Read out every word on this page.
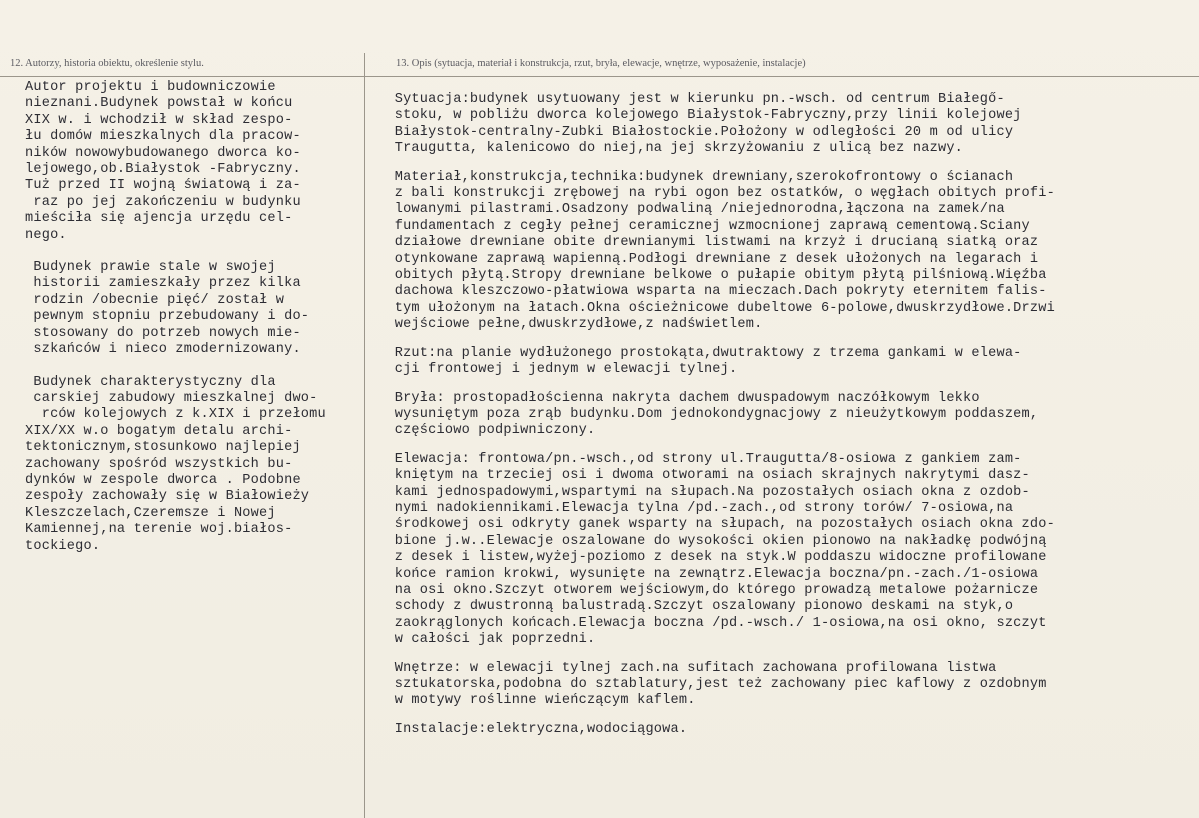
12. Autorzy, historia obiektu, określenie stylu.	13. Opis (sytuacja, materiał i konstrukcja, rzut, bryła, elewacje, wnętrze, wyposażenie, instalacje)
Autor projektu i budowniczowie
nieznani.Budynek powstał w końcu
XIX w. i wchodził w skład zespo-
łu domów mieszkalnych dla pracow-
ników nowowybudowanego dworca ko-
lejowego,ob.Białystok -Fabryczny.
Tuż przed II wojną światową i za-
raz po jej zakończeniu w budynku
mieściła się ajencja urzędu cel-
nego.
Budynek prawie stale w swojej
historii zamieszkały przez kilka
rodzin /obecnie pięć/ został w
pewnym stopniu przebudowany i do-
stosowany do potrzeb nowych mie-
szkańców i nieco zmodernizowany.
Budynek charakterystyczny dla
carskiej zabudowy mieszkalnej dwo-
rców kolejowych z k.XIX i przełomu
XIX/XX w.o bogatym detalu archi-
tektonicznym,stosunkowo najlepiej
zachowany spośród wszystkich bu-
dynków w zespole dworca . Podobne
zespoły zachowały się w Białowieży
Kleszczelach,Czeremsze i Nowej
Kamiennej,na terenie woj.białos-
tockiego.
Sytuacja:budynek usytuowany jest w kierunku pn.-wsch. od centrum Białegő-
stoku, w pobliżu dworca kolejowego Białystok-Fabryczny,przy linii kolejowej
Białystok-centralny-Zubki Białostockie.Położony w odległości 20 m od ulicy
Traugutta, kalenicowo do niej,na jej skrzyżowaniu z ulicą bez nazwy.
Materiał,konstrukcja,technika:budynek drewniany,szerokofrontowy o ścianach
z bali konstrukcji zrębowej na rybi ogon bez ostatków, o węgłach obitych profi-
lowanymi pilastrami.Osadzony podwaliną /niejednorodna,łączona na zamek/na
fundamentach z cegły pełnej ceramicznej wzmocnionej zaprawą cementową.Sciany
działowe drewniane obite drewnianymi listwami na krzyż i drucianą siatką oraz
otynkowane zaprawą wapienną.Podłogi drewniane z desek ułożonych na legarach i
obitych płytą.Stropy drewniane belkowe o pułapie obitym płytą pilśniową.Więźba
dachowa kleszczowo-płatwiowa wsparta na mieczach.Dach pokryty eternitem falis-
tym ułożonym na łatach.Okna ościeżnicowe dubeltowe 6-polowe,dwuskrzydłowe.Drzwi
wejściowe pełne,dwuskrzydłowe,z nadświetlem.
Rzut:na planie wydłużonego prostokąta,dwutraktowy z trzema gankami w elewa-
cji frontowej i jednym w elewacji tylnej.
Bryła: prostopadłościenna nakryta dachem dwuspadowym naczółkowym lekko
wysuniętym poza zrąb budynku.Dom jednokondygnacjowy z nieużytkowym poddaszem,
częściowo podpiwniczony.
Elewacja: frontowa/pn.-wsch.,od strony ul.Traugutta/8-osiowa z gankiem zam-
kniętym na trzeciej osi i dwoma otworami na osiach skrajnych nakrytymi dasz-
kami jednospadowymi,wspartymi na słupach.Na pozostałych osiach okna z ozdob-
nymi nadokiennikami.Elewacja tylna /pd.-zach.,od strony torów/ 7-osiowa,na
środkowej osi odkryty ganek wsparty na słupach, na pozostałych osiach okna zdo-
bione j.w..Elewacje oszalowane do wysokości okien pionowo na nakładkę podwójną
z desek i listew,wyżej-poziomo z desek na styk.W poddaszu widoczne profilowane
końce ramion krokwi, wysunięte na zewnątrz.Elewacja boczna/pn.-zach./1-osiowa
na osi okno.Szczyt otworem wejściowym,do którego prowadzą metalowe pożarnicze
schody z dwustronną balustradą.Szczyt oszalowany pionowo deskami na styk,o
zaokrąglonych końcach.Elewacja boczna /pd.-wsch./ 1-osiowa,na osi okno, szczyt
w całości jak poprzedni.
Wnętrze: w elewacji tylnej zach.na sufitach zachowana profilowana listwa
sztukatorska,podobna do sztablatury,jest też zachowany piec kaflowy z ozdobnym
w motywy roślinne wieńczącym kaflem.
Instalacje:elektryczna,wodociągowa.
